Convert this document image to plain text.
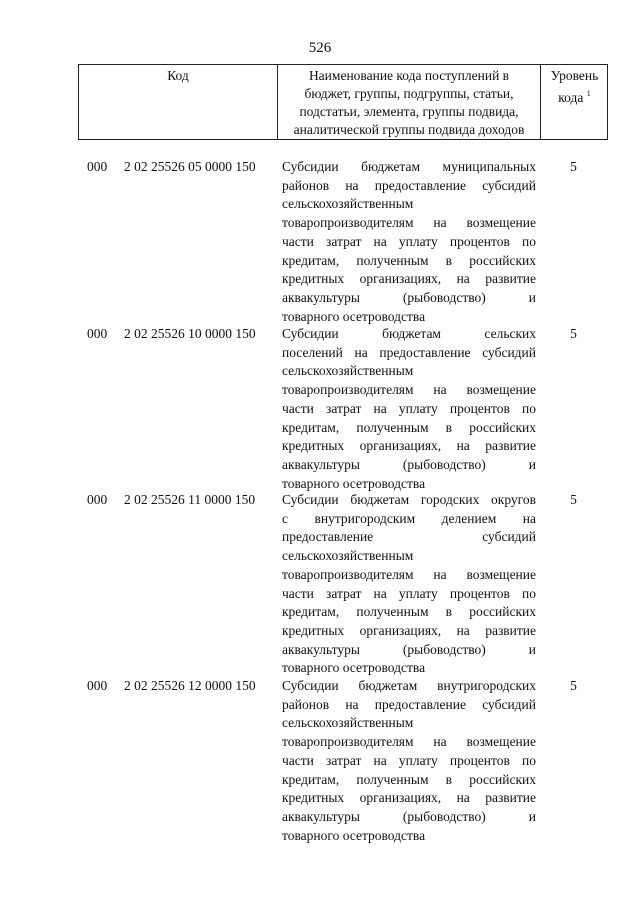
526
Код	Наименование кода поступлений в
бюджет, группы, подгруппы, статьи,
подстатьи, элемента, группы подвида,
аналитической группы подвида доходов
Уровень
кода $^1$
000 2 02 25526 05 0000 150 Субсидии бюджетам муниципальных
районов на предоставление субсидий
сельскохозяйственным
товаропроизводителям на возмещение
части затрат на уплату процентов по
кредитам, полученным в российских
кредитных организациях, на развитие
аквакультуры (рыбоводство) и
товарного осетроводства
5
000 2 02 25526 10 0000 150 Субсидии бюджетам сельских
поселений на предоставление субсидий
сельскохозяйственным
товаропроизводителям на возмещение
части затрат на уплату процентов по
кредитам, полученным в российских
кредитных организациях, на развитие
аквакультуры (рыбоводство) и
товарного осетроводства
5
000 2 02 25526 11 0000 150 Субсидии бюджетам городских округов
с внутригородским делением на
предоставление субсидий
сельскохозяйственным
товаропроизводителям на возмещение
части затрат на уплату процентов по
кредитам, полученным в российских
кредитных организациях, на развитие
аквакультуры (рыбоводство) и
товарного осетроводства
5
000 2 02 25526 12 0000 150 Субсидии бюджетам внутригородских
районов на предоставление субсидий
сельскохозяйственным
товаропроизводителям на возмещение
части затрат на уплату процентов по
кредитам, полученным в российских
кредитных организациях, на развитие
аквакультуры (рыбоводство) и
товарного осетроводства
5
